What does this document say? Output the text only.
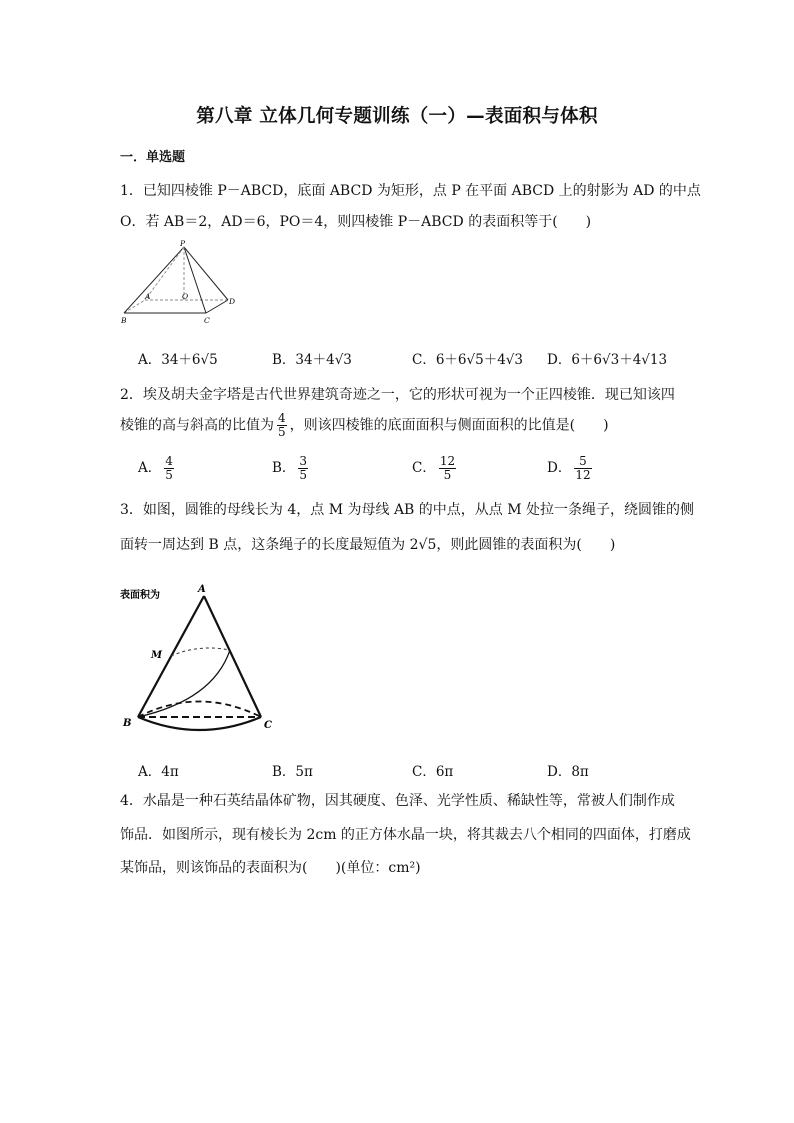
第八章 立体几何专题训练（一）—表面积与体积
一．单选题
1．已知四棱锥 P－ABCD，底面 ABCD 为矩形，点 P 在平面 ABCD 上的射影为 AD 的中点
O．若 AB＝2，AD＝6，PO＝4，则四棱锥 P－ABCD 的表面积等于(　　)
P
A	O
D
B	C
A．34＋6√5	B．34＋4√3	C．6＋6√5＋4√3 D．6＋6√3＋4√13
2．埃及胡夫金字塔是古代世界建筑奇迹之一，它的形状可视为一个正四棱锥．现已知该四
棱锥的高与斜高的比值为 $\frac{4}{5}$ ，则该四棱锥的底面面积与侧面面积的比值是(　　)
A． $\frac{4}{5}$	B． $\frac{3}{5}$	C． $\frac{12}{5}$	D． $\frac{5}{12}$
3．如图，圆锥的母线长为 4，点 M 为母线 AB 的中点，从点 M 处拉一条绳子，绕圆锥的侧
面转一周达到 B 点，这条绳子的长度最短值为 2√5，则此圆锥的表面积为(　　)
表面积为
A
M
B	C
A．4π	B．5π	C．6π	D．8π
4．水晶是一种石英结晶体矿物，因其硬度、色泽、光学性质、稀缺性等，常被人们制作成
饰品．如图所示，现有棱长为 2cm 的正方体水晶一块，将其裁去八个相同的四面体，打磨成
某饰品，则该饰品的表面积为(　　)(单位：cm²)
